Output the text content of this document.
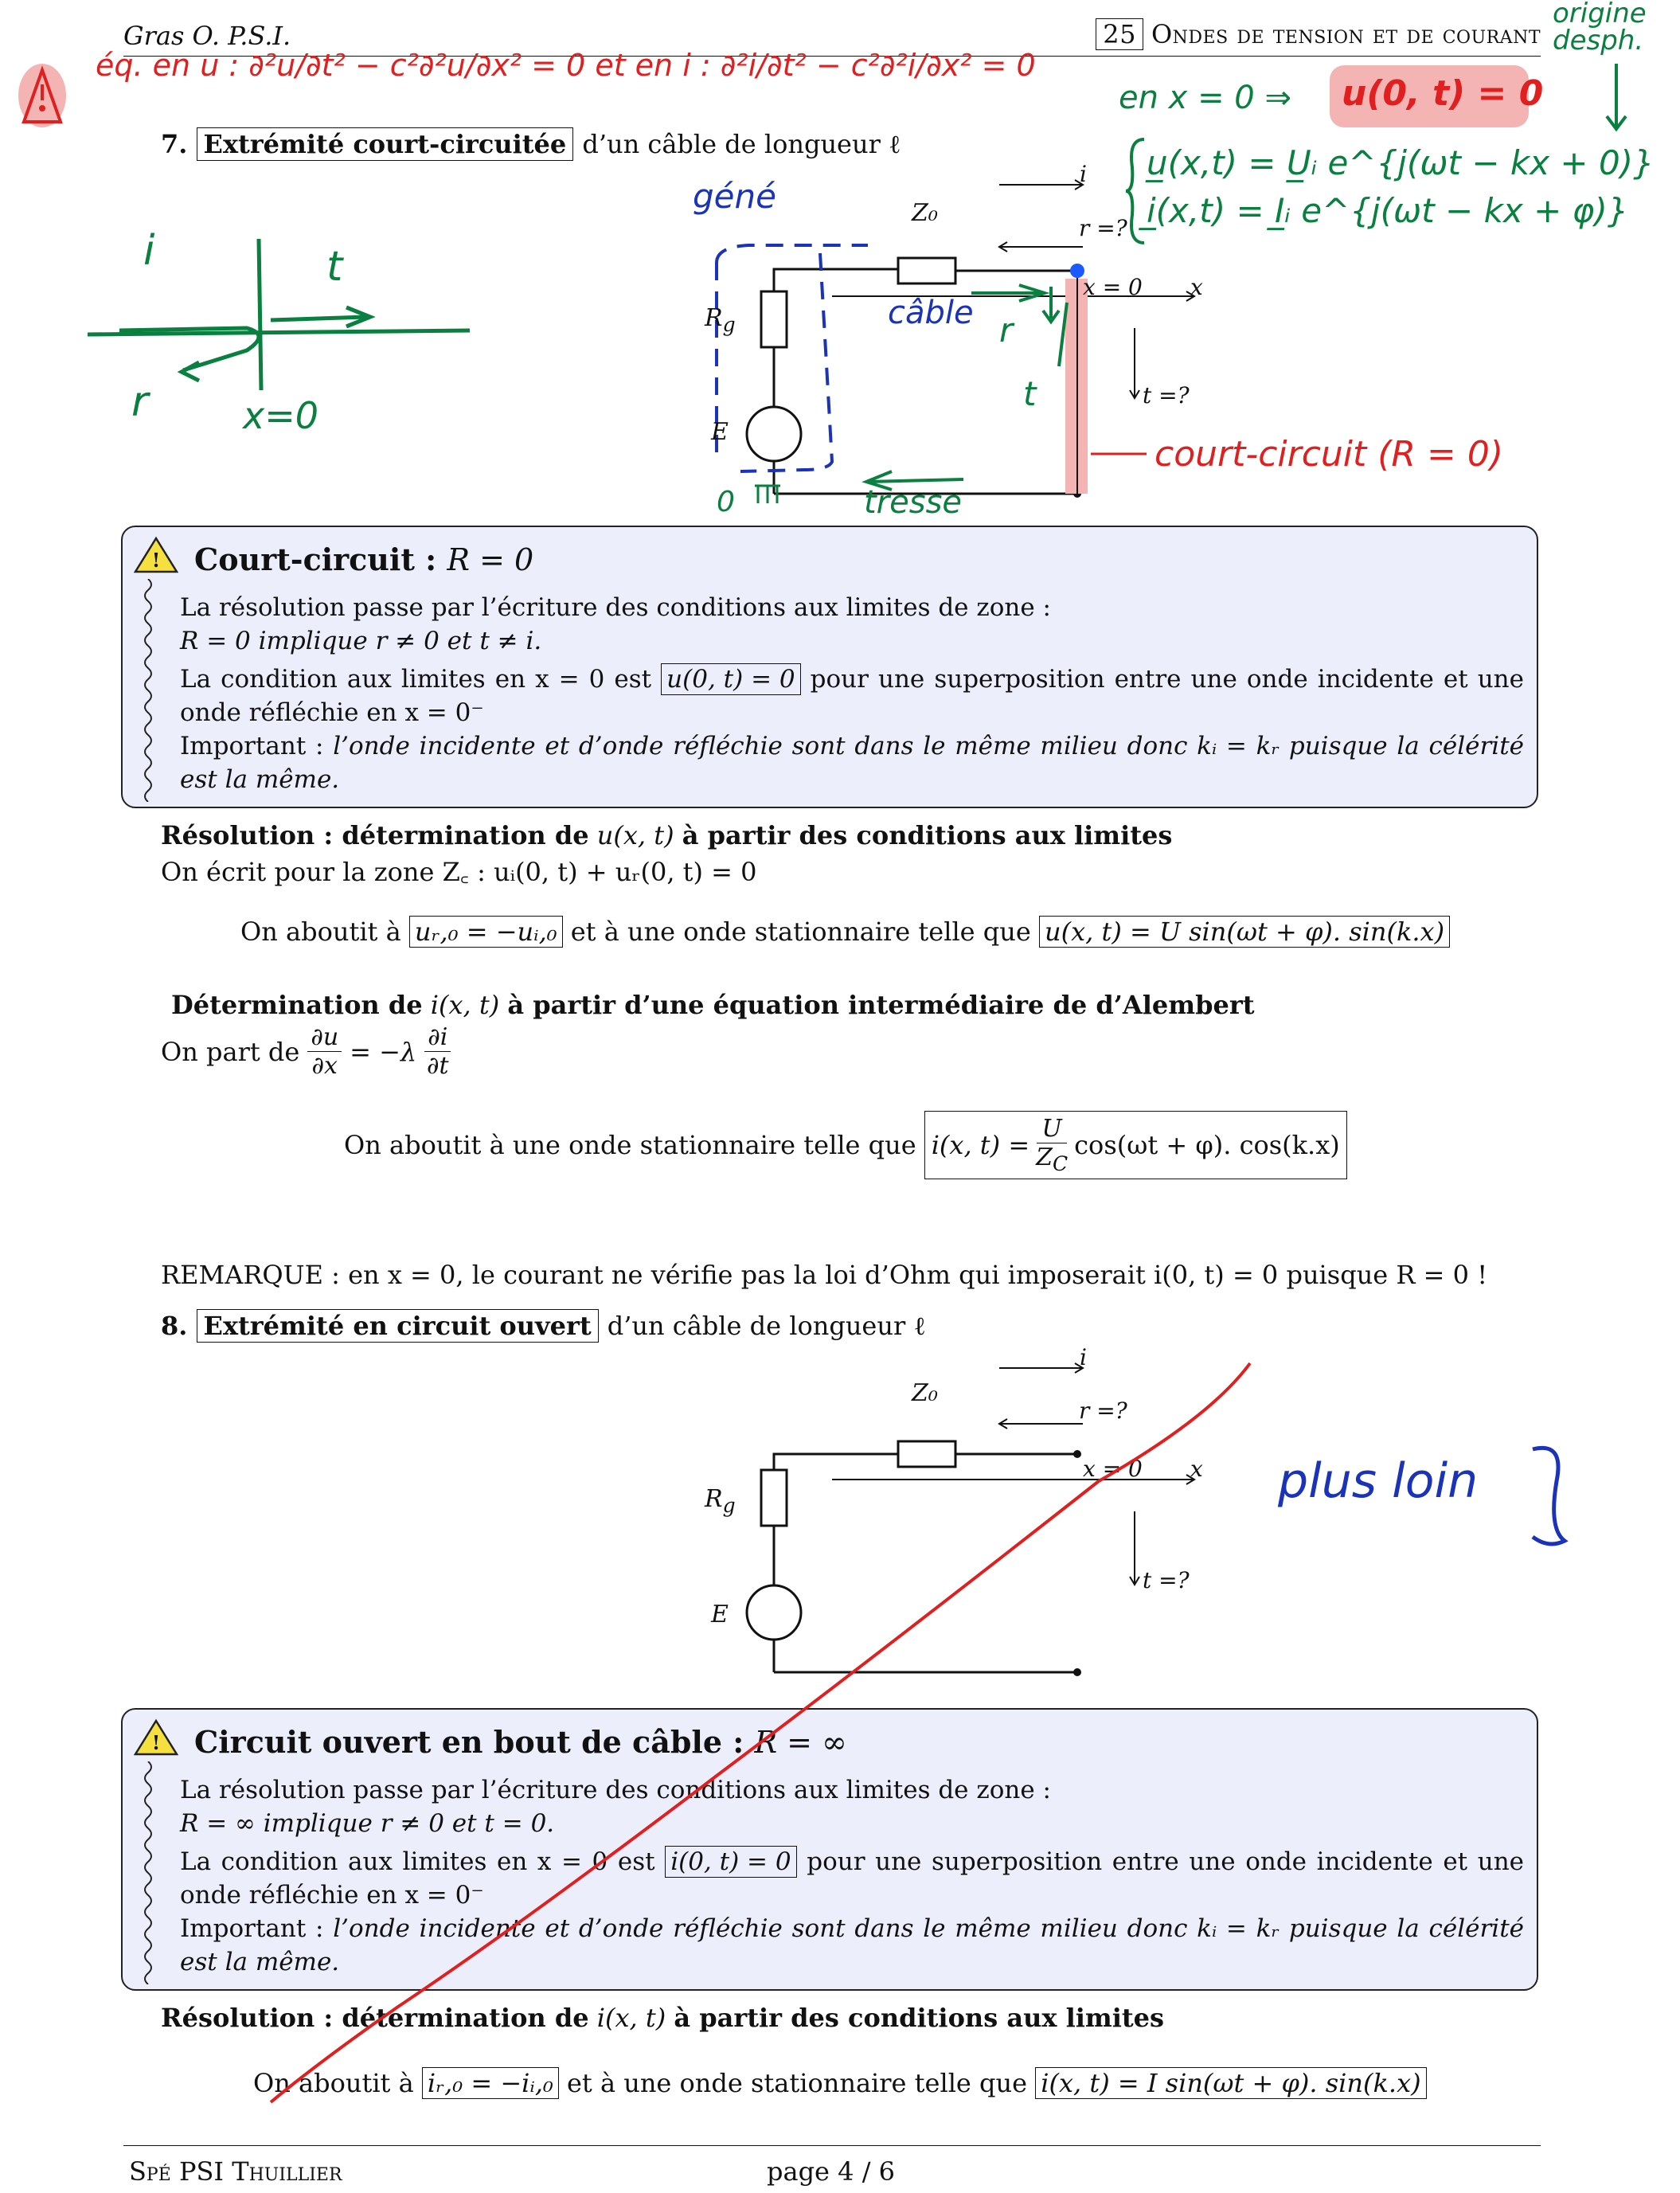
Gras O. P.S.I.	25 Ondes de tension et de courant
éq. en u : ∂²u/∂t² − c²∂²u/∂x² = 0 et en i : ∂²i/∂t² − c²∂²i/∂x² = 0
en x = 0 ⇒ u(0, t) = 0
origine desph.
u̲(x,t) = U̲ᵢ e^{j(ωt − kx + 0)}
i̲(x,t) = I̲ᵢ e^{j(ωt − kx + φ)}
7. Extrémité court-circuitée d’un câble de longueur ℓ
i	t
r	x=0
Z₀
$R_g$
E
i
r =?
x = 0 x
t =?
géné
câble r
t
tresse
0
court-circuit (R = 0)
! Court-circuit : R = 0

La résolution passe par l’écriture des conditions aux limites de zone :

R = 0 implique r ≠ 0 et t ≠ i.

La condition aux limites en x = 0 est u(0, t) = 0 pour une superposition entre une onde incidente et une onde réfléchie en x = 0⁻

Important : l’onde incidente et d’onde réfléchie sont dans le même milieu donc kᵢ = kᵣ puisque la célérité est la même.

Résolution : détermination de u(x, t) à partir des conditions aux limites
On écrit pour la zone Z꜀ : uᵢ(0, t) + uᵣ(0, t) = 0
On aboutit à uᵣ,₀ = −uᵢ,₀ et à une onde stationnaire telle que u(x, t) = U sin(ωt + φ). sin(k.x)
Détermination de i(x, t) à partir d’une équation intermédiaire de d’Alembert
On part de $\frac{\partial u}{\partial x} = -\lambda$ ∂i
∂t
On aboutit à une onde stationnaire telle que i(x, $t) = \frac{U}{Z_C} \cos(\omega t + \varphi)$. cos(k.x)
REMARQUE : en x = 0, le courant ne vérifie pas la loi d’Ohm qui imposerait i(0, t) = 0 puisque R = 0 !
8. Extrémité en circuit ouvert d’un câble de longueur ℓ
Z₀
$R_g$
E
i
r =?
x = 0 x
t =?
plus loin
! Circuit ouvert en bout de câble : R = ∞

La résolution passe par l’écriture des conditions aux limites de zone :

R = ∞ implique r ≠ 0 et t = 0.

La condition aux limites en x = 0 est i(0, t) = 0 pour une superposition entre une onde incidente et une onde réfléchie en x = 0⁻

Important : l’onde incidente et d’onde réfléchie sont dans le même milieu donc kᵢ = kᵣ puisque la célérité est la même.

Résolution : détermination de i(x, t) à partir des conditions aux limites
On aboutit à iᵣ,₀ = −iᵢ,₀ et à une onde stationnaire telle que i(x, t) = I sin(ωt + φ). sin(k.x)
Spé PSI Thuillier	page 4 / 6
